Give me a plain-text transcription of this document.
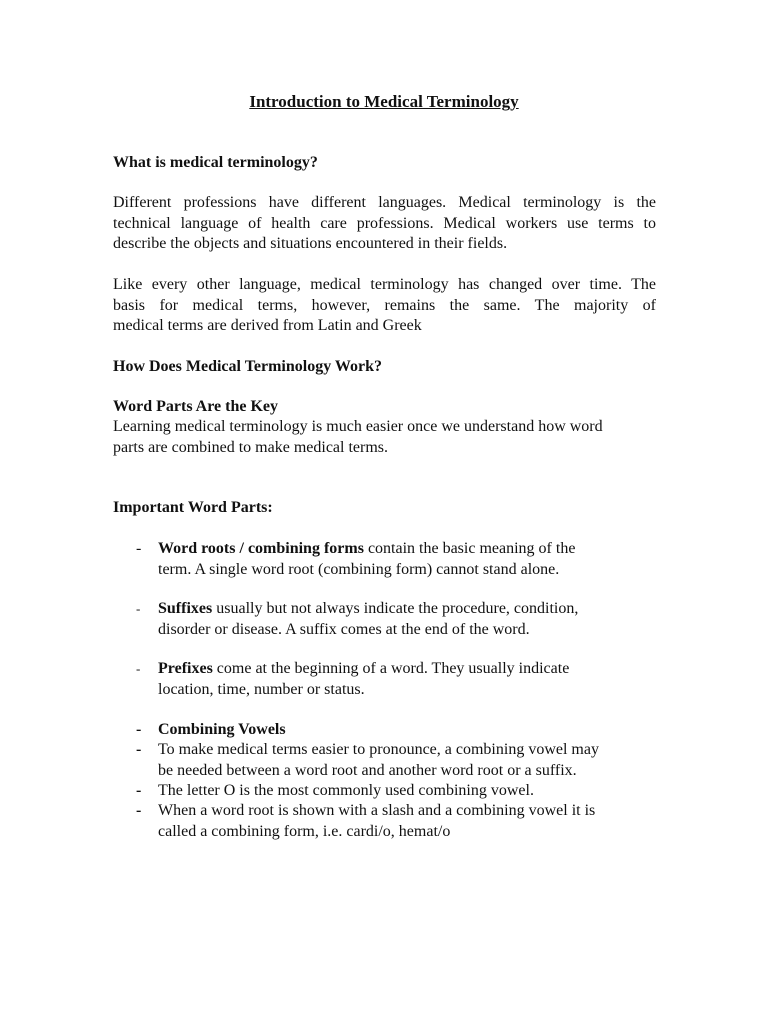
Introduction to Medical Terminology
What is medical terminology?
Different professions have different languages. Medical terminology is the
technical language of health care professions. Medical workers use terms to
describe the objects and situations encountered in their fields.
Like every other language, medical terminology has changed over time. The
basis for medical terms, however, remains the same. The majority of
medical terms are derived from Latin and Greek
How Does Medical Terminology Work?
Word Parts Are the Key
Learning medical terminology is much easier once we understand how word
parts are combined to make medical terms.
Important Word Parts:
- Word roots / combining forms contain the basic meaning of the
term. A single word root (combining form) cannot stand alone.
- Suffixes usually but not always indicate the procedure, condition,
disorder or disease. A suffix comes at the end of the word.
- Prefixes come at the beginning of a word. They usually indicate
location, time, number or status.
- Combining Vowels
- To make medical terms easier to pronounce, a combining vowel may
be needed between a word root and another word root or a suffix.
- The letter O is the most commonly used combining vowel.
- When a word root is shown with a slash and a combining vowel it is
called a combining form, i.e. cardi/o, hemat/o
